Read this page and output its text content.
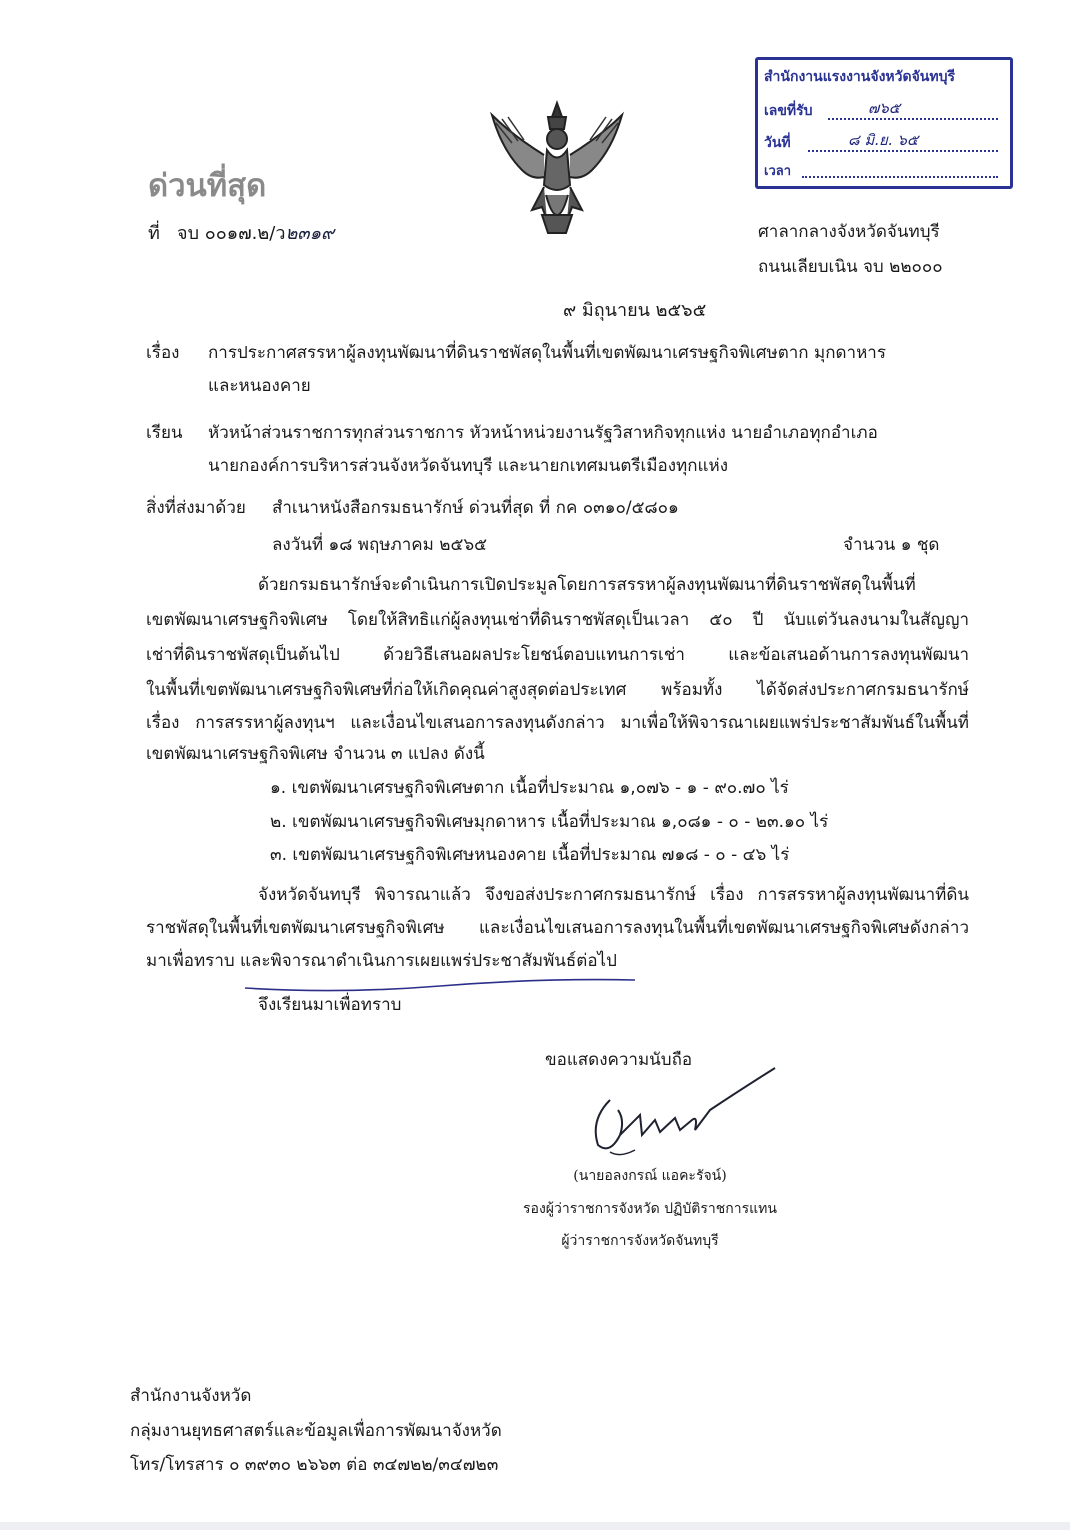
ด่วนที่สุด
ที่ จบ ๐๐๑๗.๒/ว๒๓๑๙
สำนักงานแรงงานจังหวัดจันทบุรี
เลขที่รับ	๗๖๕
วันที่	๘ มิ.ย. ๖๕
เวลา
ศาลากลางจังหวัดจันทบุรี
ถนนเลียบเนิน จบ ๒๒๐๐๐
๙ มิถุนายน ๒๕๖๕
เรื่อง การประกาศสรรหาผู้ลงทุนพัฒนาที่ดินราชพัสดุในพื้นที่เขตพัฒนาเศรษฐกิจพิเศษตาก มุกดาหาร
และหนองคาย
เรียน หัวหน้าส่วนราชการทุกส่วนราชการ หัวหน้าหน่วยงานรัฐวิสาหกิจทุกแห่ง นายอำเภอทุกอำเภอ
นายกองค์การบริหารส่วนจังหวัดจันทบุรี และนายกเทศมนตรีเมืองทุกแห่ง
สิ่งที่ส่งมาด้วย สำเนาหนังสือกรมธนารักษ์ ด่วนที่สุด ที่ กค ๐๓๑๐/๕๘๐๑
ลงวันที่ ๑๘ พฤษภาคม ๒๕๖๕	จำนวน ๑ ชุด
ด้วยกรมธนารักษ์จะดำเนินการเปิดประมูลโดยการสรรหาผู้ลงทุนพัฒนาที่ดินราชพัสดุในพื้นที่
เขตพัฒนาเศรษฐกิจพิเศษ โดยให้สิทธิแก่ผู้ลงทุนเช่าที่ดินราชพัสดุเป็นเวลา ๕๐ ปี นับแต่วันลงนามในสัญญา
เช่าที่ดินราชพัสดุเป็นต้นไป ด้วยวิธีเสนอผลประโยชน์ตอบแทนการเช่า และข้อเสนอด้านการลงทุนพัฒนา
ในพื้นที่เขตพัฒนาเศรษฐกิจพิเศษที่ก่อให้เกิดคุณค่าสูงสุดต่อประเทศ พร้อมทั้ง ได้จัดส่งประกาศกรมธนารักษ์
เรื่อง การสรรหาผู้ลงทุนฯ และเงื่อนไขเสนอการลงทุนดังกล่าว มาเพื่อให้พิจารณาเผยแพร่ประชาสัมพันธ์ในพื้นที่
เขตพัฒนาเศรษฐกิจพิเศษ จำนวน ๓ แปลง ดังนี้
๑. เขตพัฒนาเศรษฐกิจพิเศษตาก เนื้อที่ประมาณ ๑,๐๗๖ - ๑ - ๙๐.๗๐ ไร่
๒. เขตพัฒนาเศรษฐกิจพิเศษมุกดาหาร เนื้อที่ประมาณ ๑,๐๘๑ - ๐ - ๒๓.๑๐ ไร่
๓. เขตพัฒนาเศรษฐกิจพิเศษหนองคาย เนื้อที่ประมาณ ๗๑๘ - ๐ - ๔๖ ไร่
จังหวัดจันทบุรี พิจารณาแล้ว จึงขอส่งประกาศกรมธนารักษ์ เรื่อง การสรรหาผู้ลงทุนพัฒนาที่ดิน
ราชพัสดุในพื้นที่เขตพัฒนาเศรษฐกิจพิเศษ และเงื่อนไขเสนอการลงทุนในพื้นที่เขตพัฒนาเศรษฐกิจพิเศษดังกล่าว
มาเพื่อทราบ และพิจารณาดำเนินการเผยแพร่ประชาสัมพันธ์ต่อไป
จึงเรียนมาเพื่อทราบ
ขอแสดงความนับถือ
(นายอลงกรณ์ แอคะรัจน์)
รองผู้ว่าราชการจังหวัด ปฏิบัติราชการแทน
ผู้ว่าราชการจังหวัดจันทบุรี
สำนักงานจังหวัด
กลุ่มงานยุทธศาสตร์และข้อมูลเพื่อการพัฒนาจังหวัด
โทร/โทรสาร ๐ ๓๙๓๐ ๒๖๖๓ ต่อ ๓๔๗๒๒/๓๔๗๒๓
